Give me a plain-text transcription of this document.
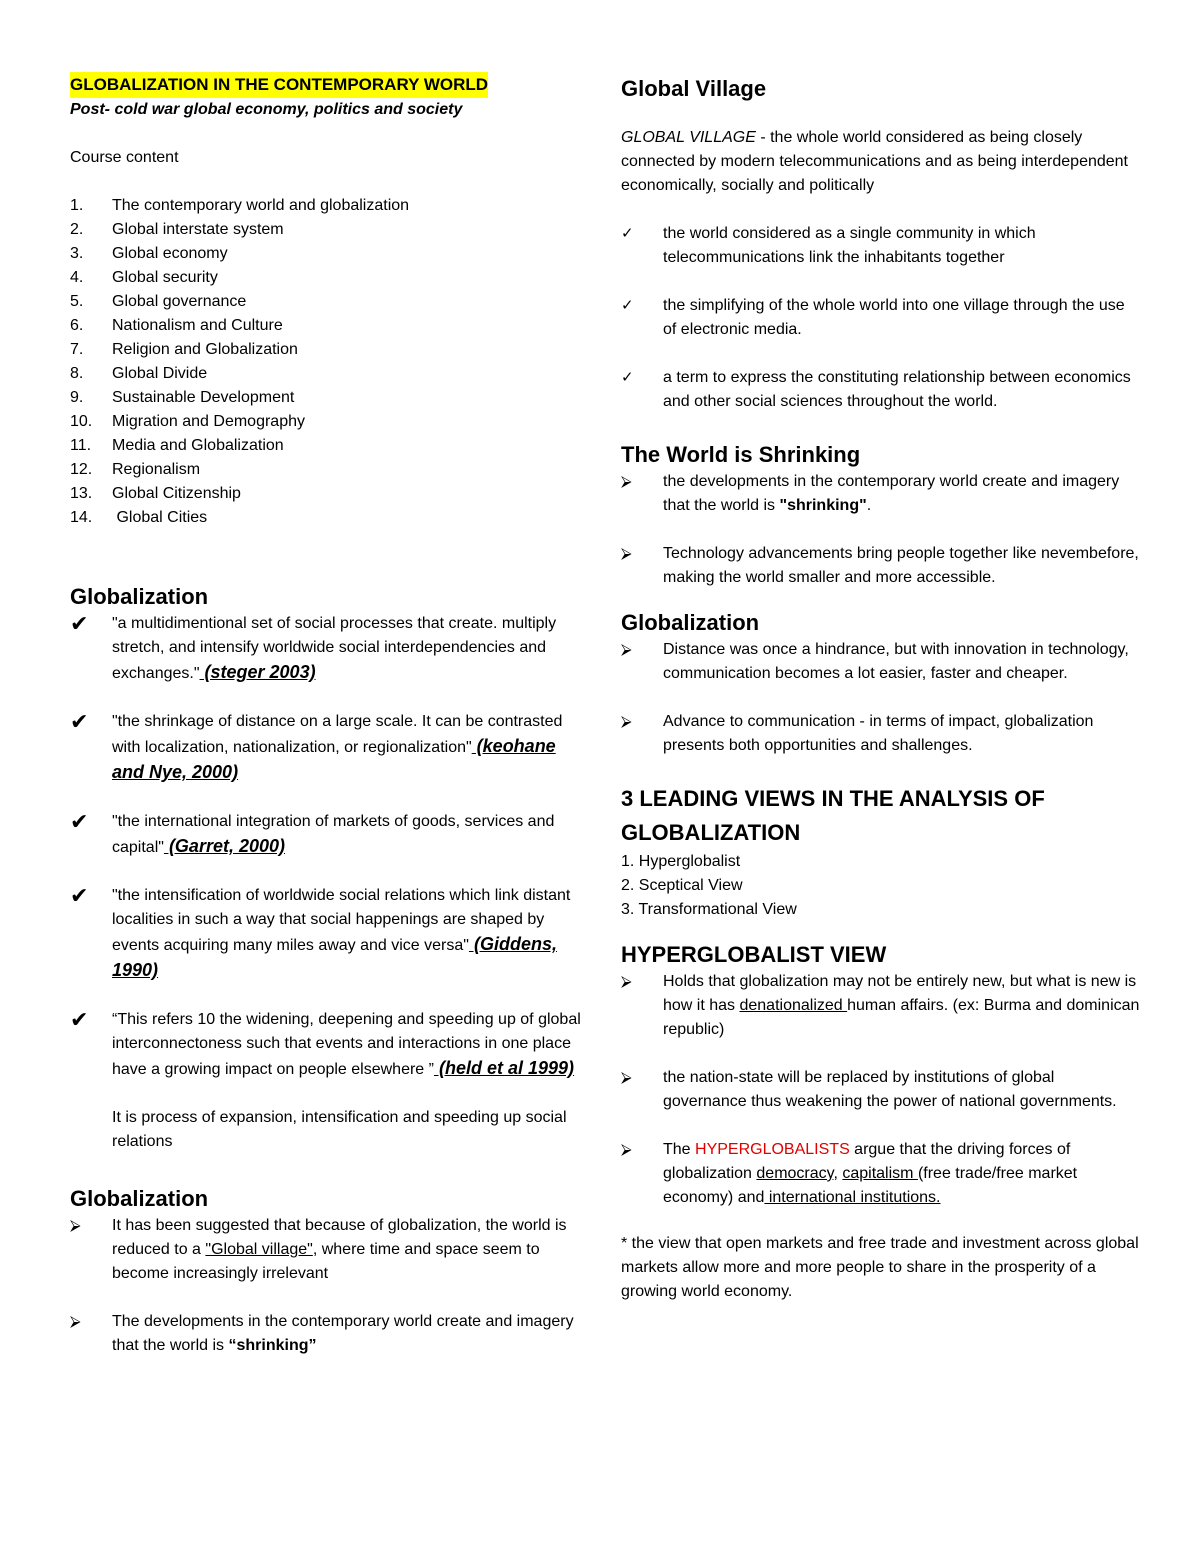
GLOBALIZATION IN THE CONTEMPORARY WORLD
Post- cold war global economy, politics and society
Course content
1.	The contemporary world and globalization
2.	Global interstate system
3.	Global economy
4.	Global security
5.	Global governance
6.	Nationalism and Culture
7.	Religion and Globalization
8.	Global Divide
9.	Sustainable Development
10.	Migration and Demography
11.	Media and Globalization
12.	Regionalism
13.	Global Citizenship
14.	Global Cities
Globalization
✔	"a multidimentional set of social processes that create. multiply stretch, and intensify worldwide social interdependencies and exchanges." (steger 2003)
✔	"the shrinkage of distance on a large scale. It can be contrasted with localization, nationalization, or regionalization" (keohane and Nye, 2000)
✔	"the international integration of markets of goods, services and capital" (Garret, 2000)
✔	"the intensification of worldwide social relations which link distant localities in such a way that social happenings are shaped by events acquiring many miles away and vice versa" (Giddens, 1990)
✔	“This refers 10 the widening, deepening and speeding up of global interconnectoness such that events and interactions in one place have a growing impact on people elsewhere ” (held et al 1999)
It is process of expansion, intensification and speeding up social relations
Globalization
⮚	It has been suggested that because of globalization, the world is reduced to a "Global village", where time and space seem to become increasingly irrelevant
⮚	The developments in the contemporary world create and imagery that the world is “shrinking”
Global Village
GLOBAL VILLAGE - the whole world considered as being closely connected by modern telecommunications and as being interdependent economically, socially and politically
✓	the world considered as a single community in which telecommunications link the inhabitants together
✓	the simplifying of the whole world into one village through the use of electronic media.
✓	a term to express the constituting relationship between economics and other social sciences throughout the world.
The World is Shrinking
⮚	the developments in the contemporary world create and imagery that the world is "shrinking".
⮚	Technology advancements bring people together like nevembefore, making the world smaller and more accessible.
Globalization
⮚	Distance was once a hindrance, but with innovation in technology, communication becomes a lot easier, faster and cheaper.
⮚	Advance to communication - in terms of impact, globalization presents both opportunities and shallenges.
3 LEADING VIEWS IN THE ANALYSIS OF GLOBALIZATION
1. Hyperglobalist
2. Sceptical View
3. Transformational View
HYPERGLOBALIST VIEW
⮚	Holds that globalization may not be entirely new, but what is new is how it has denationalized human affairs. (ex: Burma and dominican republic)
⮚	the nation-state will be replaced by institutions of global governance thus weakening the power of national governments.
⮚	The HYPERGLOBALISTS argue that the driving forces of globalization democracy, capitalism (free trade/free market economy) and international institutions.
* the view that open markets and free trade and investment across global markets allow more and more people to share in the prosperity of a growing world economy.
